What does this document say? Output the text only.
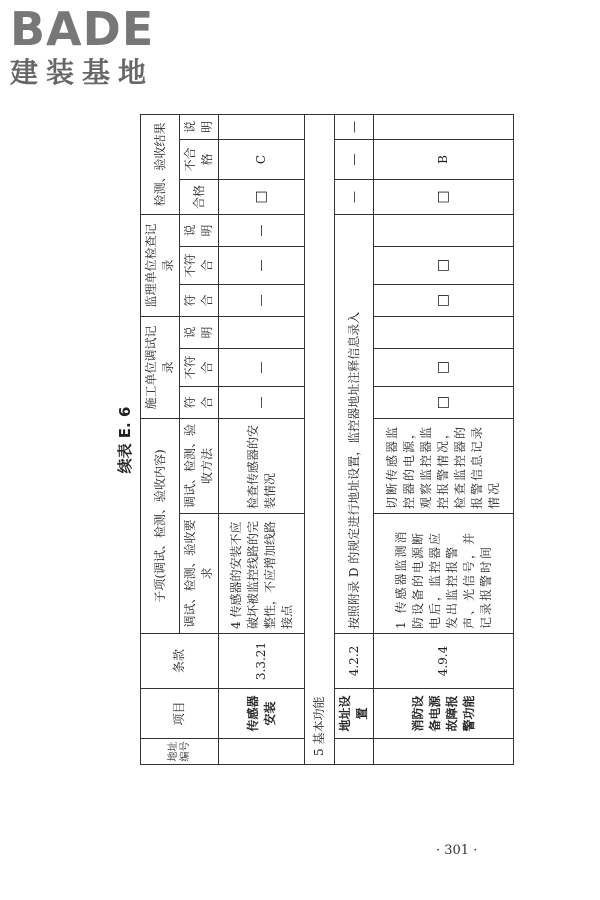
BADE
建装基地
续表 E. 6
地址编号	项目	条款	子项(调试、检测、验收内容)		施工单位调试记录			监理单位检查记录			检测、验收结果		
			调试、检测、验收要求	调试、检测、验收方法	符合	不符合	说明	符合	不符合	说明	合格	不合格	说明

	传感器安装	3.3.21	4 传感器的安装不应破坏被监控线路的完整性，不应增加线路接点	检查传感器的安装情况	—	—		—	—	—	□	C	
5 基本功能													
	地址设置	4.2.2	按照附录 D 的规定进行地址设置，监控器地址注释信息录入								—	—	—
	消防设备电源故障报警功能	4.9.4	1 传感器监测消防设备的电源断电后，监控器应发出监控报警声、光信号，并记录报警时间	切断传感器监控器的电源，观察监控器监控报警情况，检查监控器的报警信息记录情况	□	□		□	□		□	B	
· 301 ·
